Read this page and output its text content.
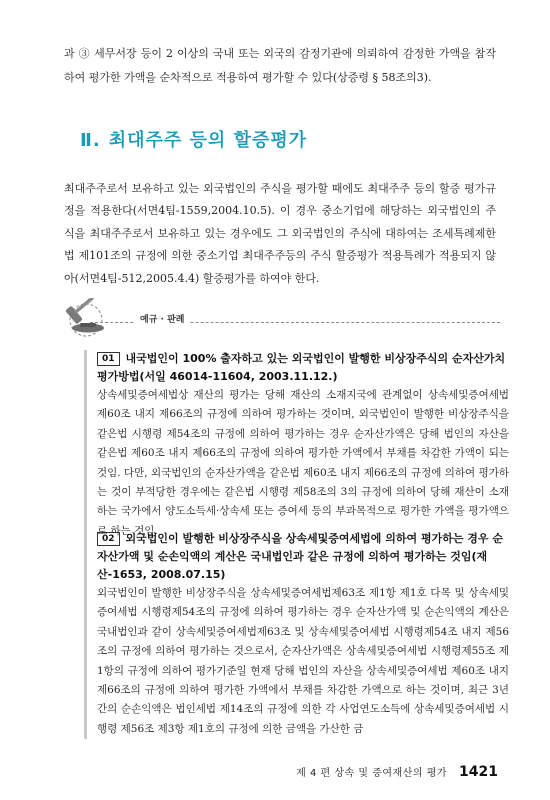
과 ③ 세무서장 등이 2 이상의 국내 또는 외국의 감정기관에 의뢰하여 감정한 가액을 참작하여 평가한 가액을 순차적으로 적용하여 평가할 수 있다(상증령 § 58조의3).

Ⅱ. 최대주주 등의 할증평가

최대주주로서 보유하고 있는 외국법인의 주식을 평가할 때에도 최대주주 등의 할증 평가규정을 적용한다(서면4팀-1559,2004.10.5). 이 경우 중소기업에 해당하는 외국법인의 주식을 최대주주로서 보유하고 있는 경우에도 그 외국법인의 주식에 대하여는 조세특례제한법 제101조의 규정에 의한 중소기업 최대주주등의 주식 할증평가 적용특례가 적용되지 않아(서면4팀-512,2005.4.4) 할증평가를 하여야 한다.

예규 · 판례

01 내국법인이 100% 출자하고 있는 외국법인이 발행한 비상장주식의 순자산가치평가방법(서일 46014-11604, 2003.11.12.)

상속세및증여세법상 재산의 평가는 당해 재산의 소재지국에 관계없이 상속세및증여세법 제60조 내지 제66조의 규정에 의하여 평가하는 것이며, 외국법인이 발행한 비상장주식을 같은법 시행령 제54조의 규정에 의하여 평가하는 경우 순자산가액은 당해 법인의 자산을 같은법 제60조 내지 제66조의 규정에 의하여 평가한 가액에서 부채를 차감한 가액이 되는 것임. 다만, 외국법인의 순자산가액을 같은법 제60조 내지 제66조의 규정에 의하여 평가하는 것이 부적당한 경우에는 같은법 시행령 제58조의 3의 규정에 의하여 당해 재산이 소재하는 국가에서 양도소득세·상속세 또는 증여세 등의 부과목적으로 평가한 가액을 평가액으로 하는 것임.

02 외국법인이 발행한 비상장주식을 상속세및증여세법에 의하여 평가하는 경우 순자산가액 및 순손익액의 계산은 국내법인과 같은 규정에 의하여 평가하는 것임(재산-1653, 2008.07.15)

외국법인이 발행한 비상장주식을 상속세및증여세법제63조 제1항 제1호 다목 및 상속세및증여세법 시행령제54조의 규정에 의하여 평가하는 경우 순자산가액 및 순손익액의 계산은 국내법인과 같이 상속세및증여세법제63조 및 상속세및증여세법 시행령제54조 내지 제56조의 규정에 의하여 평가하는 것으로서, 순자산가액은 상속세및증여세법 시행령제55조 제1항의 규정에 의하여 평가기준일 현재 당해 법인의 자산을 상속세및증여세법 제60조 내지 제66조의 규정에 의하여 평가한 가액에서 부채를 차감한 가액으로 하는 것이며, 최근 3년간의 순손익액은 법인세법 제14조의 규정에 의한 각 사업연도소득에 상속세및증여세법 시행령 제56조 제3항 제1호의 규정에 의한 금액을 가산한 금

제 4 편 상속 및 증여재산의 평가 1421
